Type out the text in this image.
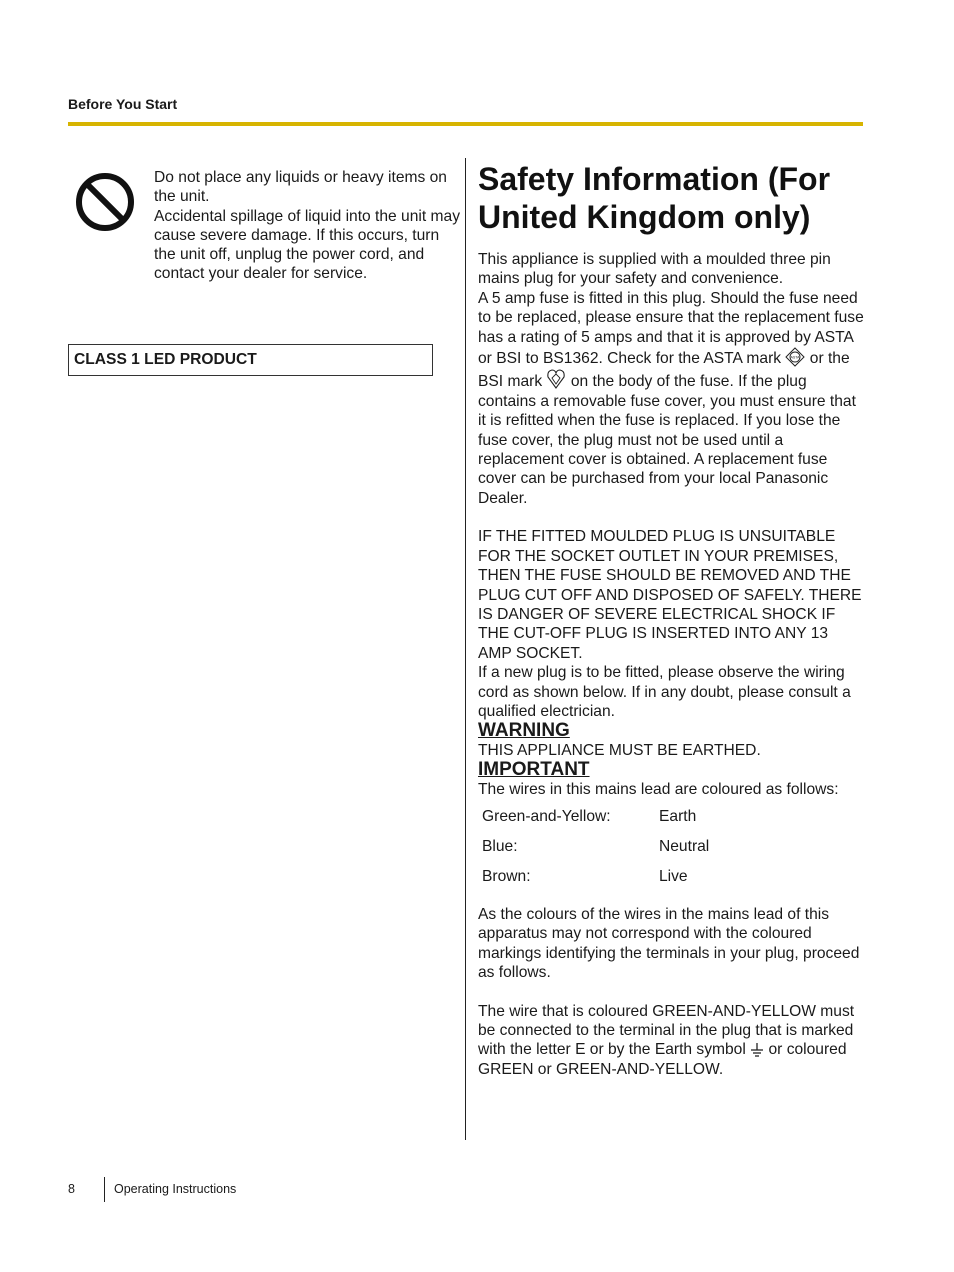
Before You Start

Do not place any liquids or heavy items on the unit.

Accidental spillage of liquid into the unit may cause severe damage. If this occurs, turn the unit off, unplug the power cord, and contact your dealer for service.

CLASS 1 LED PRODUCT
Safety Information (For United Kingdom only)

This appliance is supplied with a moulded three pin mains plug for your safety and convenience.

A 5 amp fuse is fitted in this plug. Should the fuse need to be replaced, please ensure that the replacement fuse has a rating of 5 amps and that it is approved by ASTA or BSI to BS1362. Check for the ASTA mark	ASTA or the BSI mark on the body of the fuse. If the plug contains a removable fuse cover, you must ensure that it is refitted when the fuse is replaced. If you lose the fuse cover, the plug must not be used until a replacement cover is obtained. A replacement fuse cover can be purchased from your local Panasonic Dealer.

IF THE FITTED MOULDED PLUG IS UNSUITABLE FOR THE SOCKET OUTLET IN YOUR PREMISES, THEN THE FUSE SHOULD BE REMOVED AND THE PLUG CUT OFF AND DISPOSED OF SAFELY. THERE IS DANGER OF SEVERE ELECTRICAL SHOCK IF THE CUT-OFF PLUG IS INSERTED INTO ANY 13 AMP SOCKET.

If a new plug is to be fitted, please observe the wiring cord as shown below. If in any doubt, please consult a qualified electrician.

WARNING

THIS APPLIANCE MUST BE EARTHED.

IMPORTANT

The wires in this mains lead are coloured as follows:

Green-and-Yellow:	Earth
Blue:	Neutral
Brown:	Live

As the colours of the wires in the mains lead of this apparatus may not correspond with the coloured markings identifying the terminals in your plug, proceed as follows.

The wire that is coloured GREEN-AND-YELLOW must be connected to the terminal in the plug that is marked with the letter E or by the Earth symbol or coloured GREEN or GREEN-AND-YELLOW.

8	Operating Instructions
